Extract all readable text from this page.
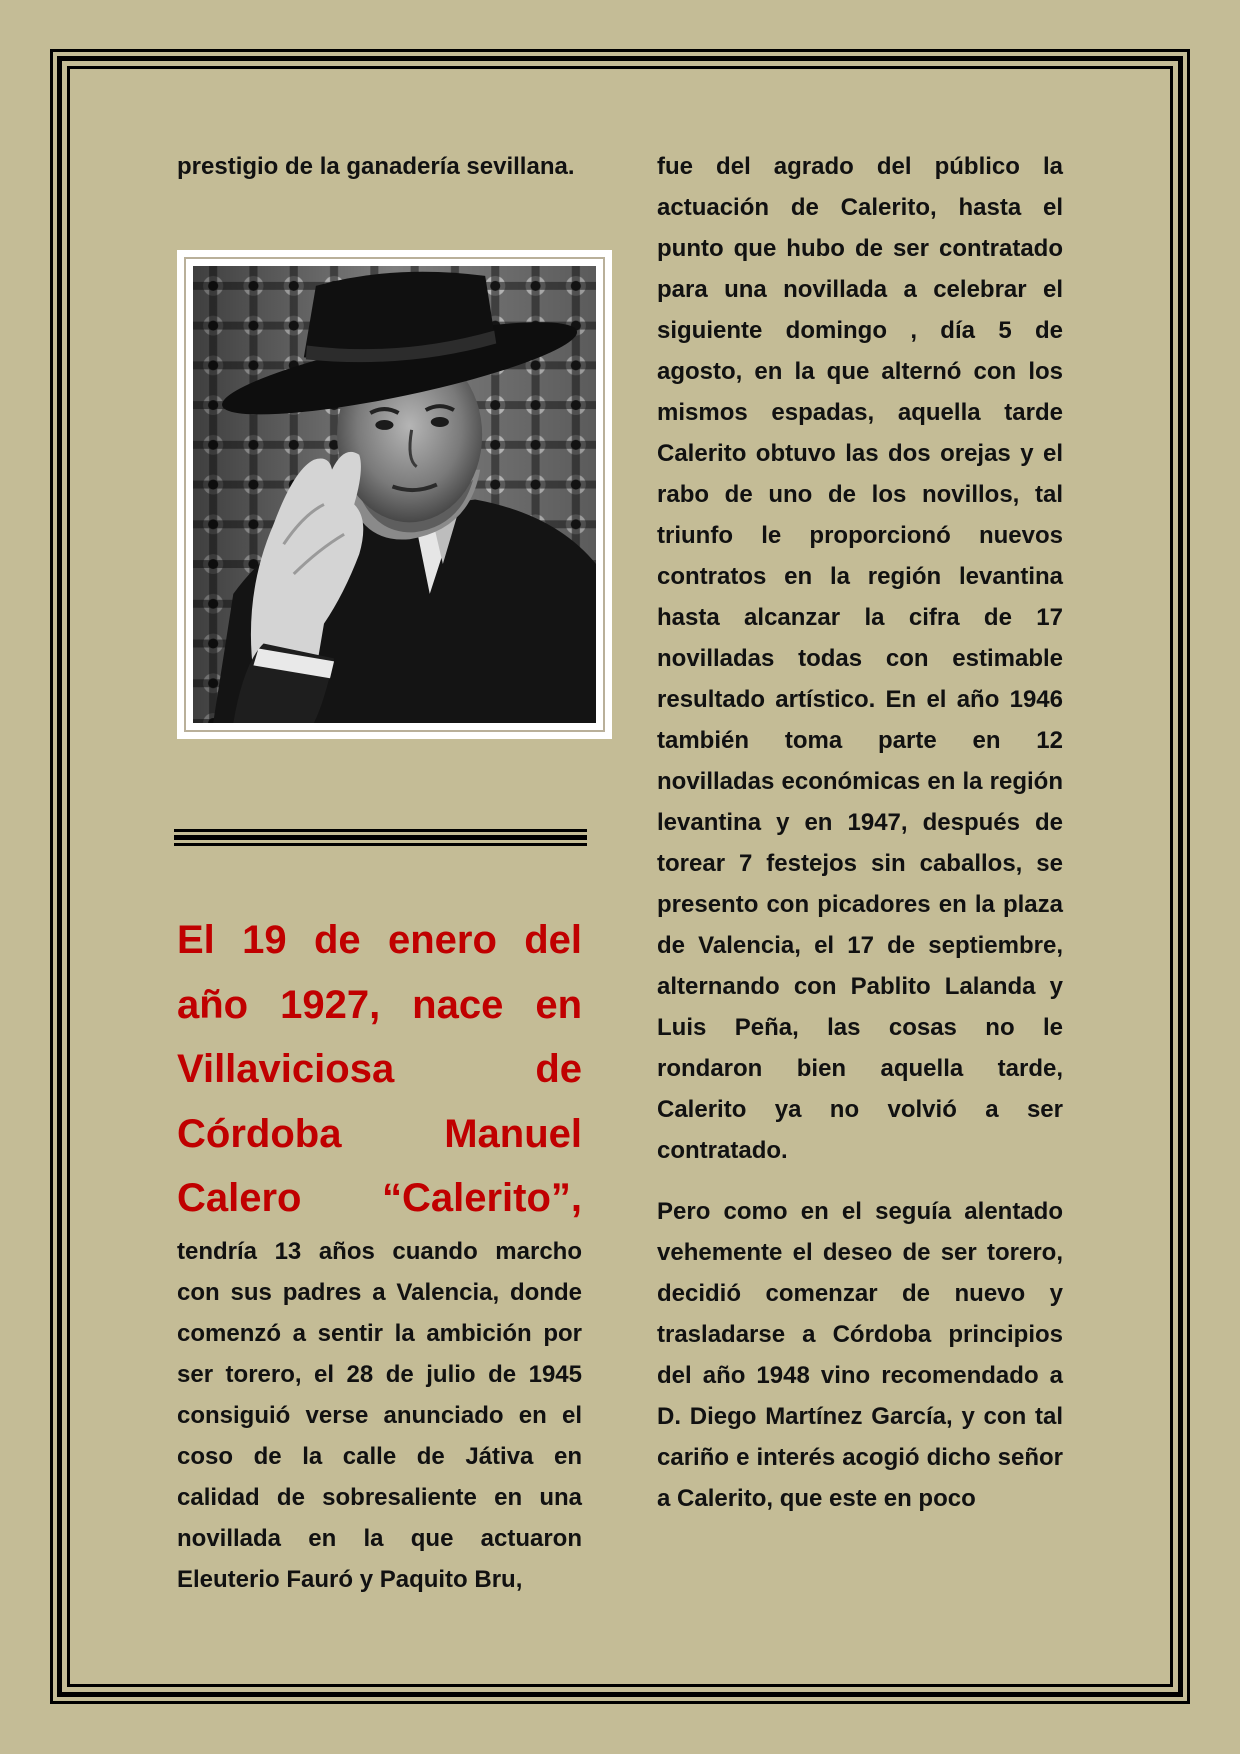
prestigio de la ganadería sevillana.

El 19 de enero del año 1927, nace en Villaviciosa de Córdoba Manuel Calero “Calerito”,

tendría 13 años cuando marcho con sus padres a Valencia, donde comenzó a sentir la ambición por ser torero, el 28 de julio de 1945 consiguió verse anunciado en el coso de la calle de Játiva en calidad de sobresaliente en una novillada en la que actuaron Eleuterio Fauró y Paquito Bru,

fue del agrado del público la actuación de Calerito, hasta el punto que hubo de ser contratado para una novillada a celebrar el siguiente domingo , día 5 de agosto, en la que alternó con los mismos espadas, aquella tarde Calerito obtuvo las dos orejas y el rabo de uno de los novillos, tal triunfo le proporcionó nuevos contratos en la región levantina hasta alcanzar la cifra de 17 novilladas todas con estimable resultado artístico. En el año 1946 también toma parte en 12 novilladas económicas en la región levantina y en 1947, después de torear 7 festejos sin caballos, se presento con picadores en la plaza de Valencia, el 17 de septiembre, alternando con Pablito Lalanda y Luis Peña, las cosas no le rondaron bien aquella tarde, Calerito ya no volvió a ser contratado.

Pero como en el seguía alentado vehemente el deseo de ser torero, decidió comenzar de nuevo y trasladarse a Córdoba principios del año 1948 vino recomendado a D. Diego Martínez García, y con tal cariño e interés acogió dicho señor a Calerito, que este en poco
